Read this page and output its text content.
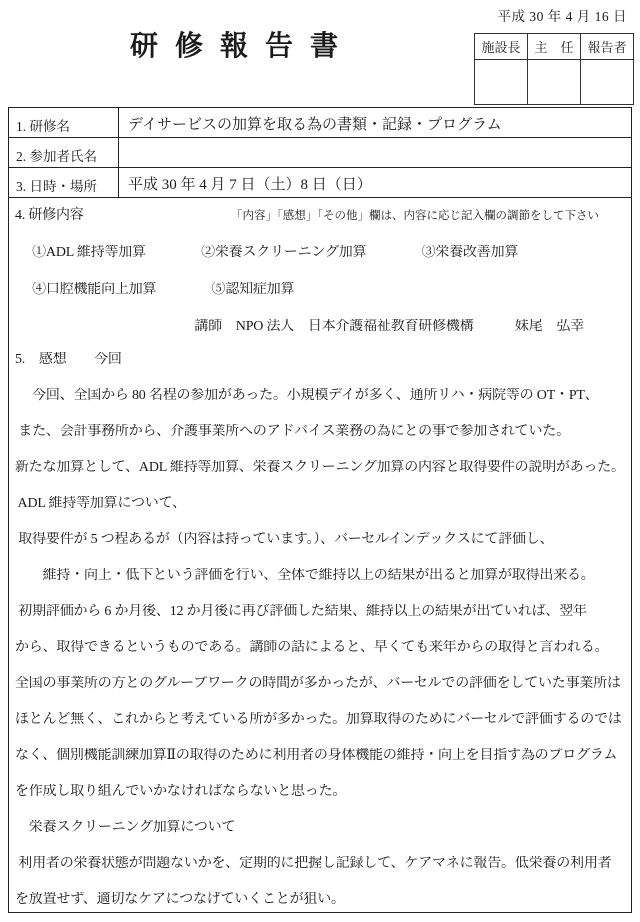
平成 30 年 4 月 16 日
研修報告書	施設長	主　任	報告者

1. 研修名	デイサービスの加算を取る為の書類・記録・プログラム
2. 参加者氏名
3. 日時・場所	平成 30 年 4 月 7 日（土）8 日（日）
4. 研修内容	「内容」「感想」「その他」欄は、内容に応じ記入欄の調節をして下さい
　 ①ADL 維持等加算　　　　②栄養スクリーニング加算　　　　③栄養改善加算
　 ④口腔機能向上加算　　　　	⑤認知症加算
　　　　　　　　　　　　　講師　NPO 法人　日本介護福祉教育研修機構　　　妹尾　弘幸
5.　感想　　今回　　　　
　 今回、全国から 80 名程の参加があった。小規模デイが多く、通所リハ・病院等の OT・PT、
また、会計事務所から、介護事業所へのアドバイス業務の為にとの事で参加されていた。
新たな加算として、ADL 維持等加算、栄養スクリーニング加算の内容と取得要件の説明があった。
ADL 維持等加算について、　
取得要件が 5 つ程あるが（内容は持っています。）、バーセルインデックスにて評価し、
　　維持・向上・低下という評価を行い、全体で維持以上の結果が出ると加算が取得出来る。
初期評価から 6 か月後、12 か月後に再び評価した結果、維持以上の結果が出ていれば、翌年
から、取得できるというものである。講師の話によると、早くても来年からの取得と言われる。
全国の事業所の方とのグループワークの時間が多かったが、バーセルでの評価をしていた事業所は
ほとんど無く、これからと考えている所が多かった。加算取得のためにバーセルで評価するのでは
なく、個別機能訓練加算Ⅱの取得のために利用者の身体機能の維持・向上を目指す為のプログラム
を作成し取り組んでいかなければならないと思った。
　栄養スクリーニング加算について
利用者の栄養状態が問題ないかを、定期的に把握し記録して、ケアマネに報告。低栄養の利用者
を放置せず、適切なケアにつなげていくことが狙い。
